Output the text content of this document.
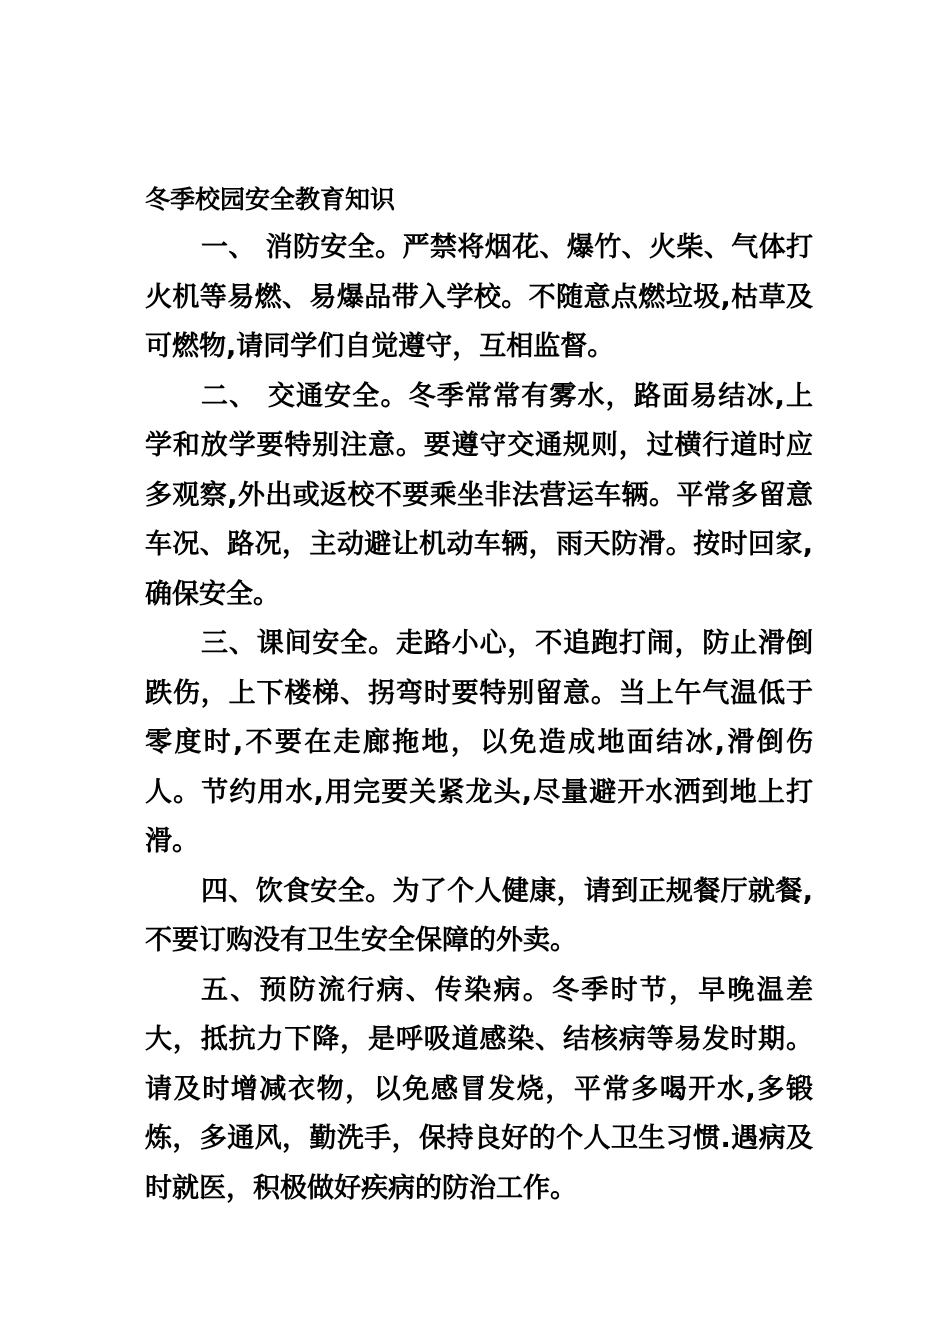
冬季校园安全教育知识

一、 消防安全。严禁将烟花、爆竹、火柴、气体打火机等易燃、易爆品带入学校。不随意点燃垃圾,枯草及可燃物,请同学们自觉遵守，互相监督。

二、 交通安全。冬季常常有雾水，路面易结冰,上学和放学要特别注意。要遵守交通规则，过横行道时应多观察,外出或返校不要乘坐非法营运车辆。平常多留意车况、路况，主动避让机动车辆，雨天防滑。按时回家,确保安全。

三、课间安全。走路小心，不追跑打闹，防止滑倒跌伤，上下楼梯、拐弯时要特别留意。当上午气温低于零度时,不要在走廊拖地，以免造成地面结冰,滑倒伤人。节约用水,用完要关紧龙头,尽量避开水洒到地上打滑。

四、饮食安全。为了个人健康，请到正规餐厅就餐,不要订购没有卫生安全保障的外卖。

五、预防流行病、传染病。冬季时节，早晚温差大，抵抗力下降，是呼吸道感染、结核病等易发时期。请及时增减衣物，以免感冒发烧，平常多喝开水,多锻炼，多通风，勤洗手，保持良好的个人卫生习惯.遇病及时就医，积极做好疾病的防治工作。
